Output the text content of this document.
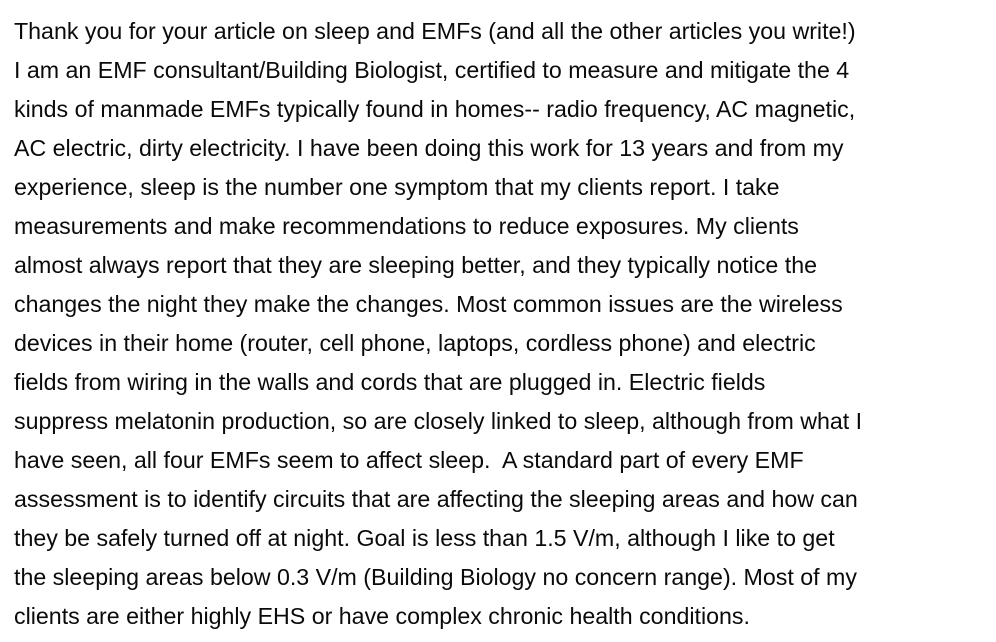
Thank you for your article on sleep and EMFs (and all the other articles you write!)
I am an EMF consultant/Building Biologist, certified to measure and mitigate the 4
kinds of manmade EMFs typically found in homes-- radio frequency, AC magnetic,
AC electric, dirty electricity. I have been doing this work for 13 years and from my
experience, sleep is the number one symptom that my clients report. I take
measurements and make recommendations to reduce exposures. My clients
almost always report that they are sleeping better, and they typically notice the
changes the night they make the changes. Most common issues are the wireless
devices in their home (router, cell phone, laptops, cordless phone) and electric
fields from wiring in the walls and cords that are plugged in. Electric fields
suppress melatonin production, so are closely linked to sleep, although from what I
have seen, all four EMFs seem to affect sleep.  A standard part of every EMF
assessment is to identify circuits that are affecting the sleeping areas and how can
they be safely turned off at night. Goal is less than 1.5 V/m, although I like to get
the sleeping areas below 0.3 V/m (Building Biology no concern range). Most of my
clients are either highly EHS or have complex chronic health conditions.
